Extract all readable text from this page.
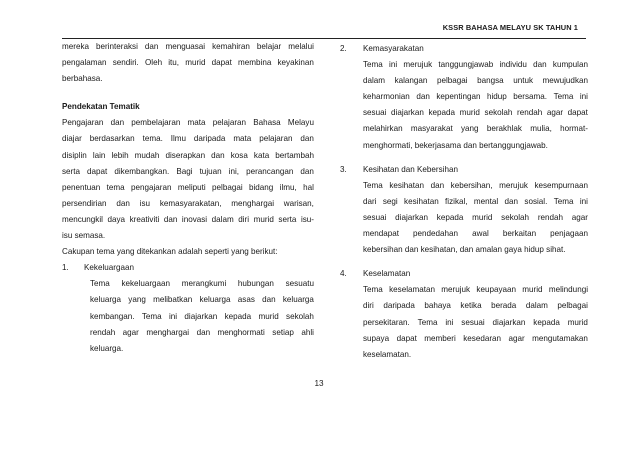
KSSR BAHASA MELAYU SK TAHUN 1
mereka berinteraksi dan menguasai kemahiran belajar melalui
pengalaman sendiri. Oleh itu, murid dapat membina keyakinan
berbahasa.
Pendekatan Tematik
Pengajaran dan pembelajaran mata pelajaran Bahasa Melayu
diajar berdasarkan tema. Ilmu daripada mata pelajaran dan
disiplin lain lebih mudah diserapkan dan kosa kata bertambah
serta dapat dikembangkan. Bagi tujuan ini, perancangan dan
penentuan tema pengajaran meliputi pelbagai bidang ilmu, hal
persendirian dan isu kemasyarakatan, menghargai warisan,
mencungkil daya kreativiti dan inovasi dalam diri murid serta isu-
isu semasa.
Cakupan tema yang ditekankan adalah seperti yang berikut:
1.	Kekeluargaan
Tema kekeluargaan merangkumi hubungan sesuatu
keluarga yang melibatkan keluarga asas dan keluarga
kembangan. Tema ini diajarkan kepada murid sekolah
rendah agar menghargai dan menghormati setiap ahli
keluarga.
2.	Kemasyarakatan
Tema ini merujuk tanggungjawab individu dan kumpulan
dalam kalangan pelbagai bangsa untuk mewujudkan
keharmonian dan kepentingan hidup bersama. Tema ini
sesuai diajarkan kepada murid sekolah rendah agar dapat
melahirkan masyarakat yang berakhlak mulia, hormat-
menghormati, bekerjasama dan bertanggungjawab.
3.	Kesihatan dan Kebersihan
Tema kesihatan dan kebersihan, merujuk kesempurnaan
dari segi kesihatan fizikal, mental dan sosial. Tema ini
sesuai diajarkan kepada murid sekolah rendah agar
mendapat pendedahan awal berkaitan penjagaan
kebersihan dan kesihatan, dan amalan gaya hidup sihat.
4.	Keselamatan
Tema keselamatan merujuk keupayaan murid melindungi
diri daripada bahaya ketika berada dalam pelbagai
persekitaran. Tema ini sesuai diajarkan kepada murid
supaya dapat memberi kesedaran agar mengutamakan
keselamatan.
13
